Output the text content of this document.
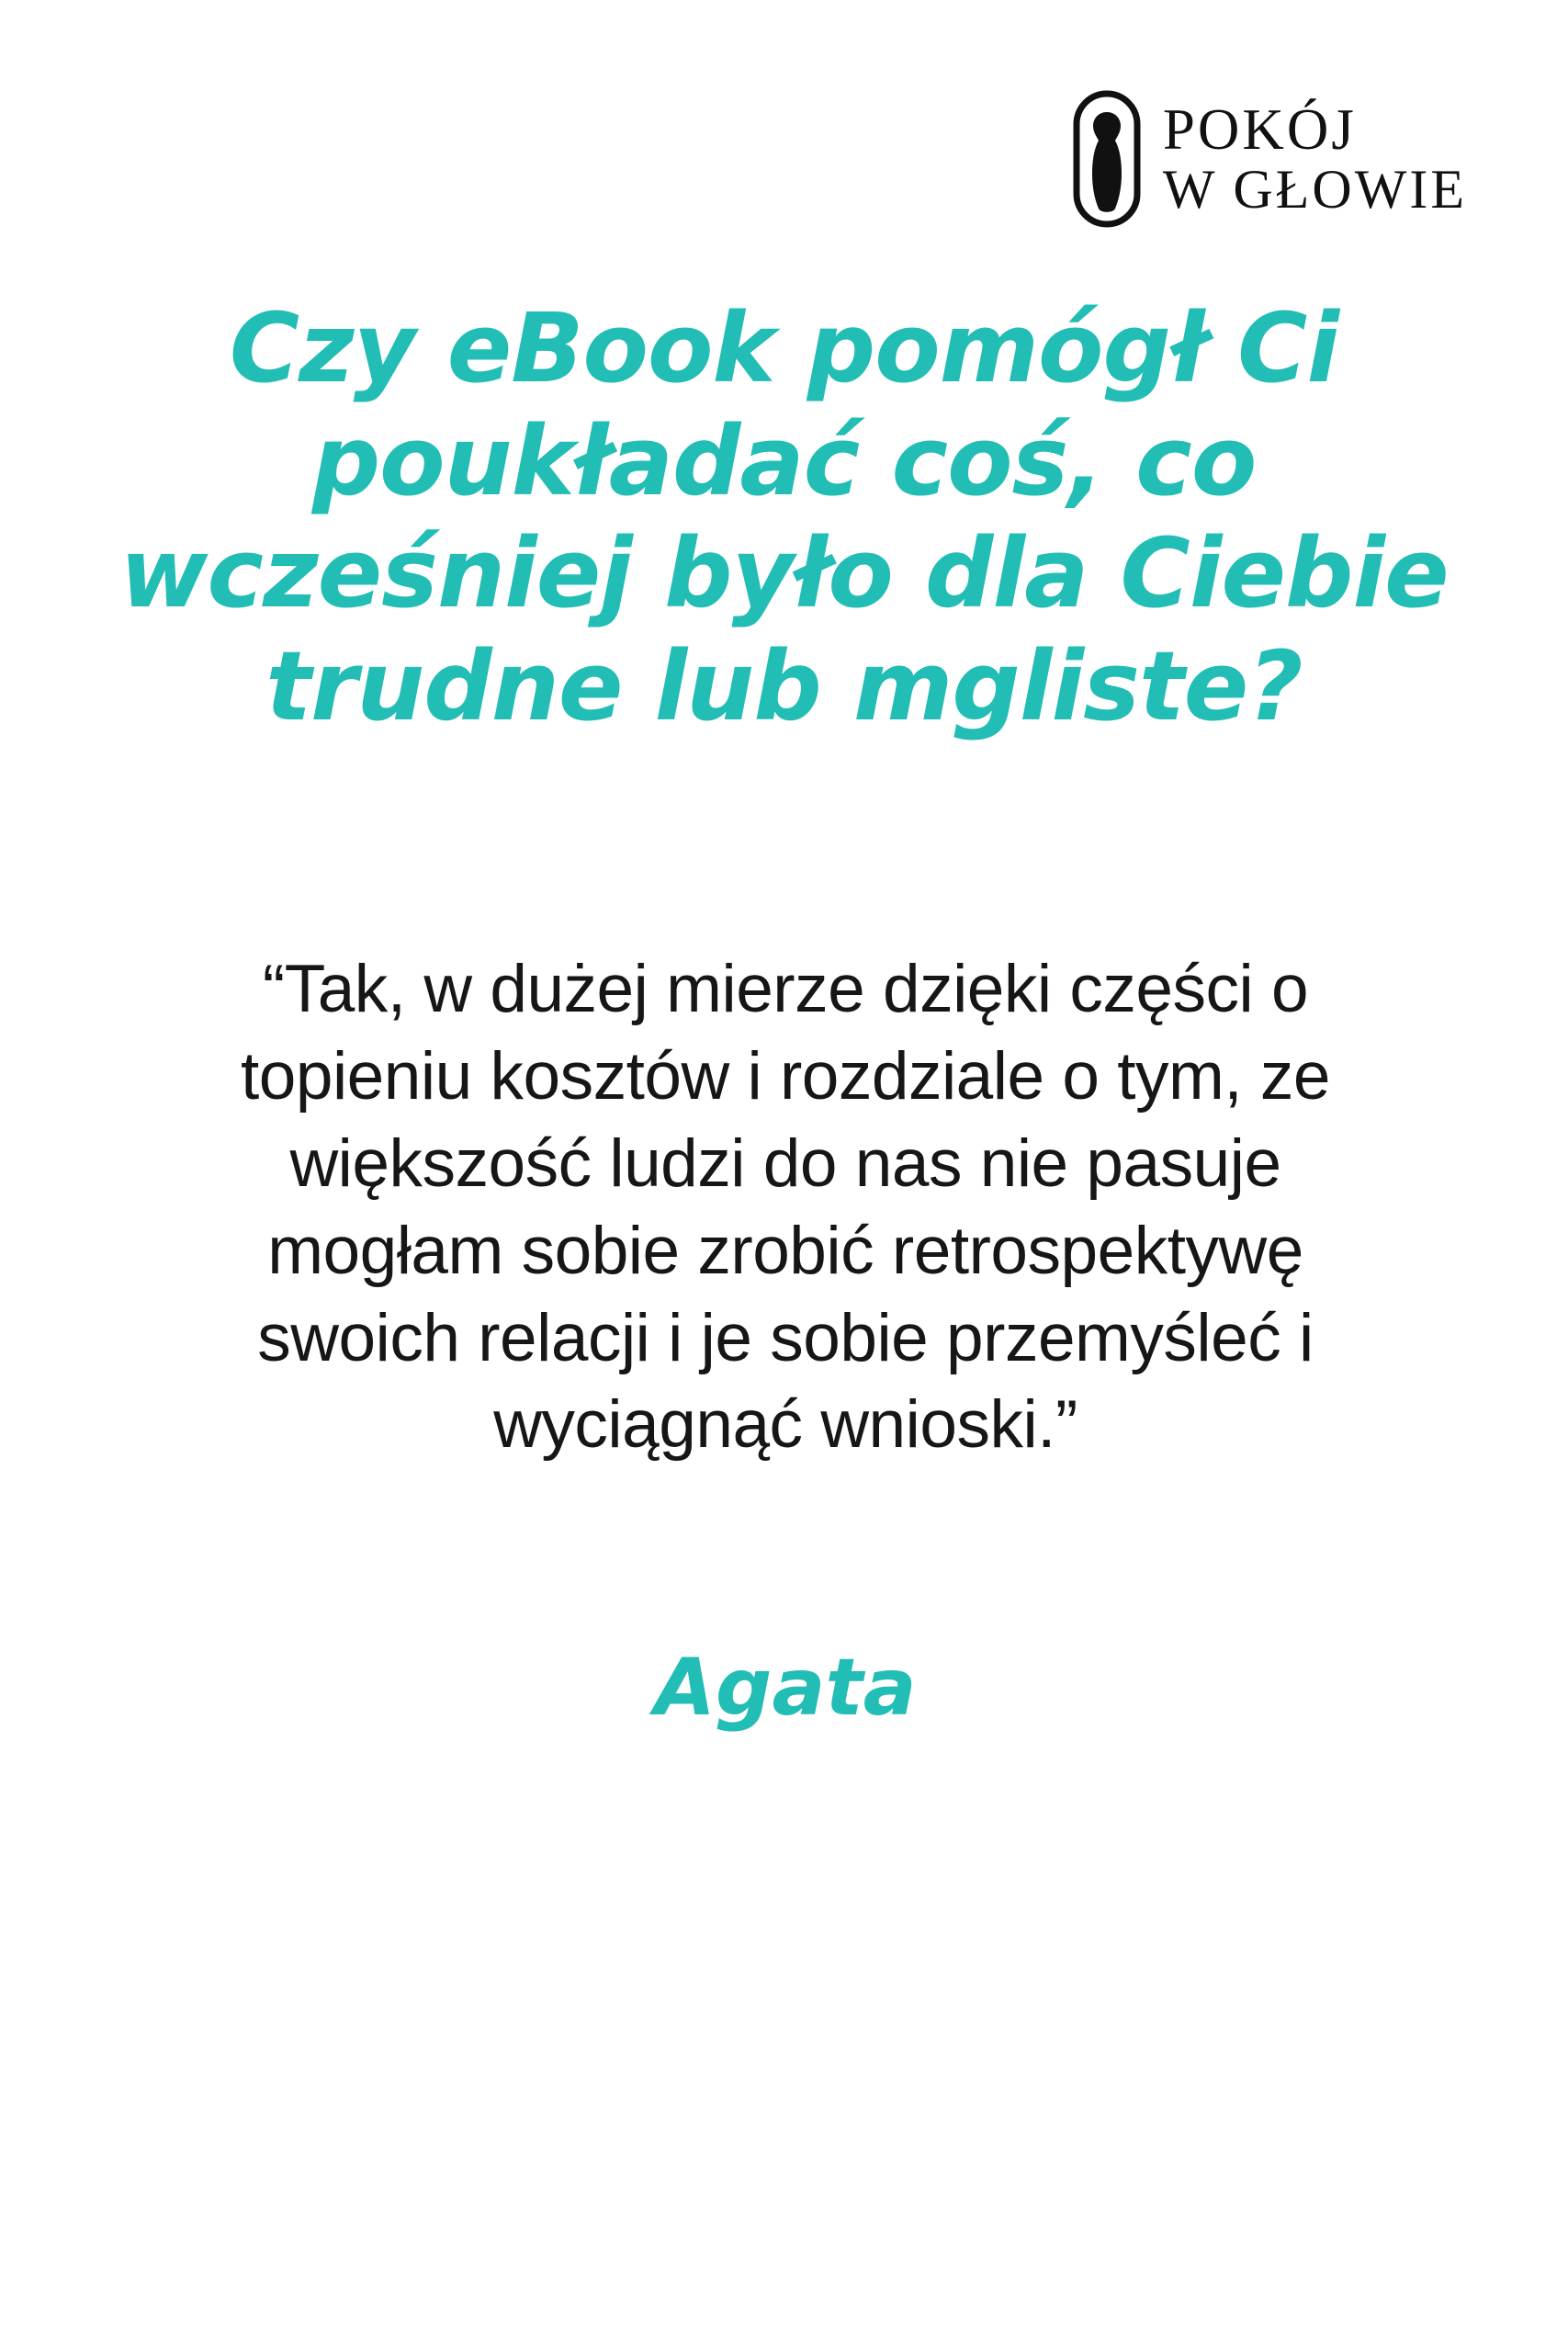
POKÓJ
W GŁOWIE
Czy eBook pomógł Ci poukładać coś, co wcześniej było dla Ciebie trudne lub mgliste?
“Tak, w dużej mierze dzięki części o topieniu kosztów i rozdziale o tym, ze większość ludzi do nas nie pasuje mogłam sobie zrobić retrospektywę swoich relacji i je sobie przemyśleć i wyciągnąć wnioski.”
Agata
